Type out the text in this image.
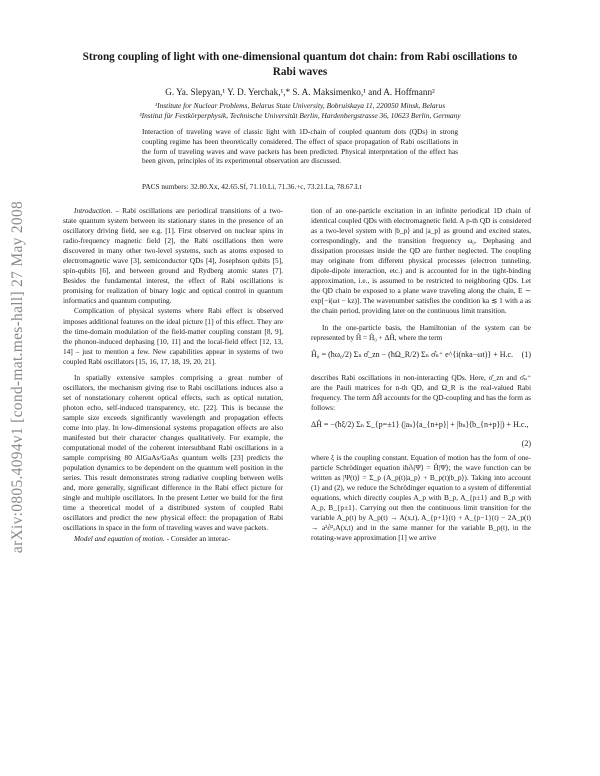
arXiv:0805.4094v1 [cond-mat.mes-hall] 27 May 2008
Strong coupling of light with one-dimensional quantum dot chain: from Rabi oscillations to Rabi waves
G. Ya. Slepyan,¹ Y. D. Yerchak,¹,* S. A. Maksimenko,¹ and A. Hoffmann²
¹Institute for Nuclear Problems, Belarus State University, Bobruiskaya 11, 220050 Minsk, Belarus
²Institut für Festkörperphysik, Technische Universität Berlin, Hardenbergstrasse 36, 10623 Berlin, Germany
Interaction of traveling wave of classic light with 1D-chain of coupled quantum dots (QDs) in strong coupling regime has been theoretically considered. The effect of space propagation of Rabi oscillations in the form of traveling waves and wave packets has been predicted. Physical interpretation of the effect has been given, principles of its experimental observation are discussed.
PACS numbers: 32.80.Xx, 42.65.Sf, 71.10.Li, 71.36.+c, 73.21.La, 78.67.Lt

Introduction. – Rabi oscillations are periodical transitions of a two-state quantum system between its stationary states in the presence of an oscillatory driving field, see e.g. [1]. First observed on nuclear spins in radio-frequency magnetic field [2], the Rabi oscillations then were discovered in many other two-level systems, such as atoms exposed to electromagnetic wave [3], semiconductor QDs [4], Josephson qubits [5], spin-qubits [6], and between ground and Rydberg atomic states [7]. Besides the fundamental interest, the effect of Rabi oscillations is promising for realization of binary logic and optical control in quantum informatics and quantum computing.

Complication of physical systems where Rabi effect is observed imposes additional features on the ideal picture [1] of this effect. They are the time-domain modulation of the field-matter coupling constant [8, 9], the phonon-induced dephasing [10, 11] and the local-field effect [12, 13, 14] – just to mention a few. New capabilities appear in systems of two coupled Rabi oscillators [15, 16, 17, 18, 19, 20, 21].

In spatially extensive samples comprising a great number of oscillators, the mechanism giving rise to Rabi oscillations induces also a set of nonstationary coherent optical effects, such as optical nutation, photon echo, self-induced transparency, etc. [22]. This is because the sample size exceeds significantly wavelength and propagation effects come into play. In low-dimensional systems propagation effects are also manifested but their character changes qualitatively. For example, the computational model of the coherent intersubband Rabi oscillations in a sample comprising 80 AlGaAs/GaAs quantum wells [23] predicts the population dynamics to be dependent on the quantum well position in the series. This result demonstrates strong radiative coupling between wells and, more generally, significant difference in the Rabi effect picture for single and multiple oscillators. In the present Letter we build for the first time a theoretical model of a distributed system of coupled Rabi oscillators and predict the new physical effect: the propagation of Rabi oscillations in space in the form of traveling waves and wave packets.

Model and equation of motion. - Consider an interac-

tion of an one-particle excitation in an infinite periodical 1D chain of identical coupled QDs with electromagnetic field. A p-th QD is considered as a two-level system with |b_p⟩ and |a_p⟩ as ground and excited states, correspondingly, and the transition frequency ω₀. Dephasing and dissipation processes inside the QD are further neglected. The coupling may originate from different physical processes (electron tunneling, dipole-dipole interaction, etc.) and is accounted for in the tight-binding approximation, i.e., is assumed to be restricted to neighboring QDs. Let the QD chain be exposed to a plane wave traveling along the chain, E ∼ exp[−i(ωt − kz)]. The wavenumber satisfies the condition ka ≲ 1 with a as the chain period, providing later on the continuous limit transition.

In the one-particle basis, the Hamiltonian of the system can be represented by Ĥ = Ĥ₀ + ΔĤ, where the term

Ĥ₀ = (ħω₀/2) Σₙ σ̂_zn − (ħΩ_R/2) Σₙ σ̂ₙ⁺ e^{i(nka−ωt)} + H.c. (1)

describes Rabi oscillations in non-interacting QDs. Here, σ̂_zn and σ̂ₙ⁺ are the Pauli matrices for n-th QD, and Ω_R is the real-valued Rabi frequency. The term ΔĤ accounts for the QD-coupling and has the form as follows:

ΔĤ = −(ħξ/2) Σₙ Σ_{p=±1} (|aₙ⟩⟨a_{n+p}| + |bₙ⟩⟨b_{n+p}|) + H.c.,
(2)

where ξ is the coupling constant. Equation of motion has the form of one-particle Schrödinger equation iħ∂ₜ|Ψ⟩ = Ĥ|Ψ⟩; the wave function can be written as |Ψ(t)⟩ = Σ_p (A_p(t)|a_p⟩ + B_p(t)|b_p⟩). Taking into account (1) and (2), we reduce the Schrödinger equation to a system of differential equations, which directly couples A_p with B_p, A_{p±1} and B_p with A_p, B_{p±1}. Carrying out then the continuous limit transition for the variable A_p(t) by A_p(t) → A(x,t), A_{p+1}(t) + A_{p−1}(t) − 2A_p(t) → a²∂²ₓA(x,t) and in the same manner for the variable B_p(t), in the rotating-wave approximation [1] we arrive
